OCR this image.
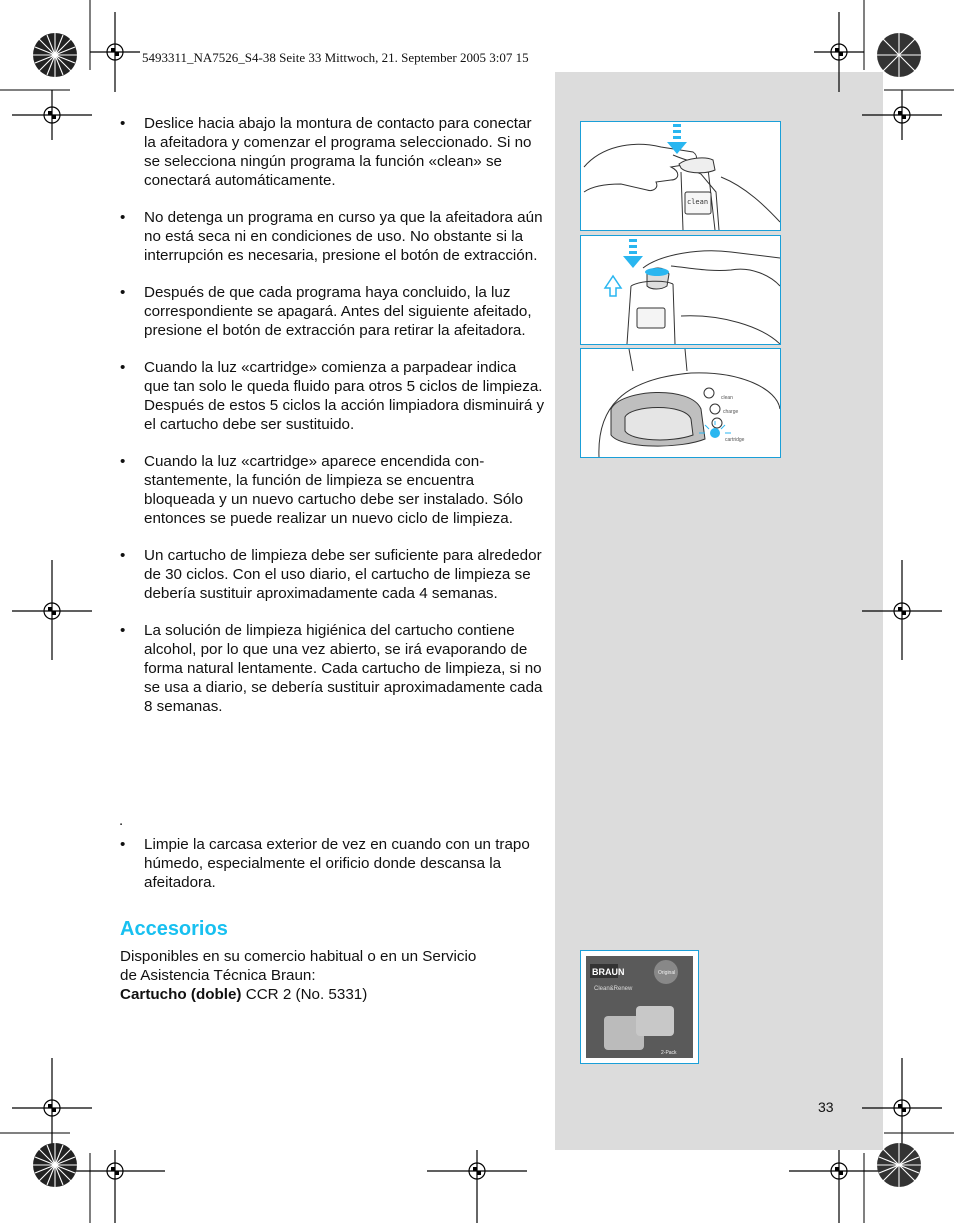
5493311_NA7526_S4-38 Seite 33 Mittwoch, 21. September 2005 3:07 15
• Deslice hacia abajo la montura de contacto para conectar la afeitadora y comenzar el programa seleccionado. Si no se selecciona ningún programa la función «clean» se conectará automáticamente.
• No detenga un programa en curso ya que la afeitadora aún no está seca ni en condiciones de uso. No obstante si la interrupción es necesaria, presione el botón de extracción.
• Después de que cada programa haya concluido, la luz correspondiente se apagará. Antes del siguiente afeitado, presione el botón de extracción para retirar la afeitadora.
• Cuando la luz «cartridge» comienza a parpadear indica que tan solo le queda fluido para otros 5 ciclos de limpieza. Después de estos 5 ciclos la acción limpiadora disminuirá y el cartucho debe ser sustituido.
• Cuando la luz «cartridge» aparece encendida con-stantemente, la función de limpieza se encuentra bloqueada y un nuevo cartucho debe ser instalado. Sólo entonces se puede realizar un nuevo ciclo de limpieza.
• Un cartucho de limpieza debe ser suficiente para alrededor de 30 ciclos. Con el uso diario, el cartucho de limpieza se debería sustituir aproximadamente cada 4 semanas.
• La solución de limpieza higiénica del cartucho contiene alcohol, por lo que una vez abierto, se irá evaporando de forma natural lentamente. Cada cartucho de limpieza, si no se usa a diario, se debería sustituir aproximadamente cada 8 semanas.
.
• Limpie la carcasa exterior de vez en cuando con un trapo húmedo, especialmente el orificio donde descansa la afeitadora.
Accesorios
Disponibles en su comercio habitual o en un Servicio
de Asistencia Técnica Braun:
Cartucho (doble) CCR 2 (No. 5331)
clean
clean
charge
cartridge
BRAUN
Clean&Renew
Original
2-Pack
33
